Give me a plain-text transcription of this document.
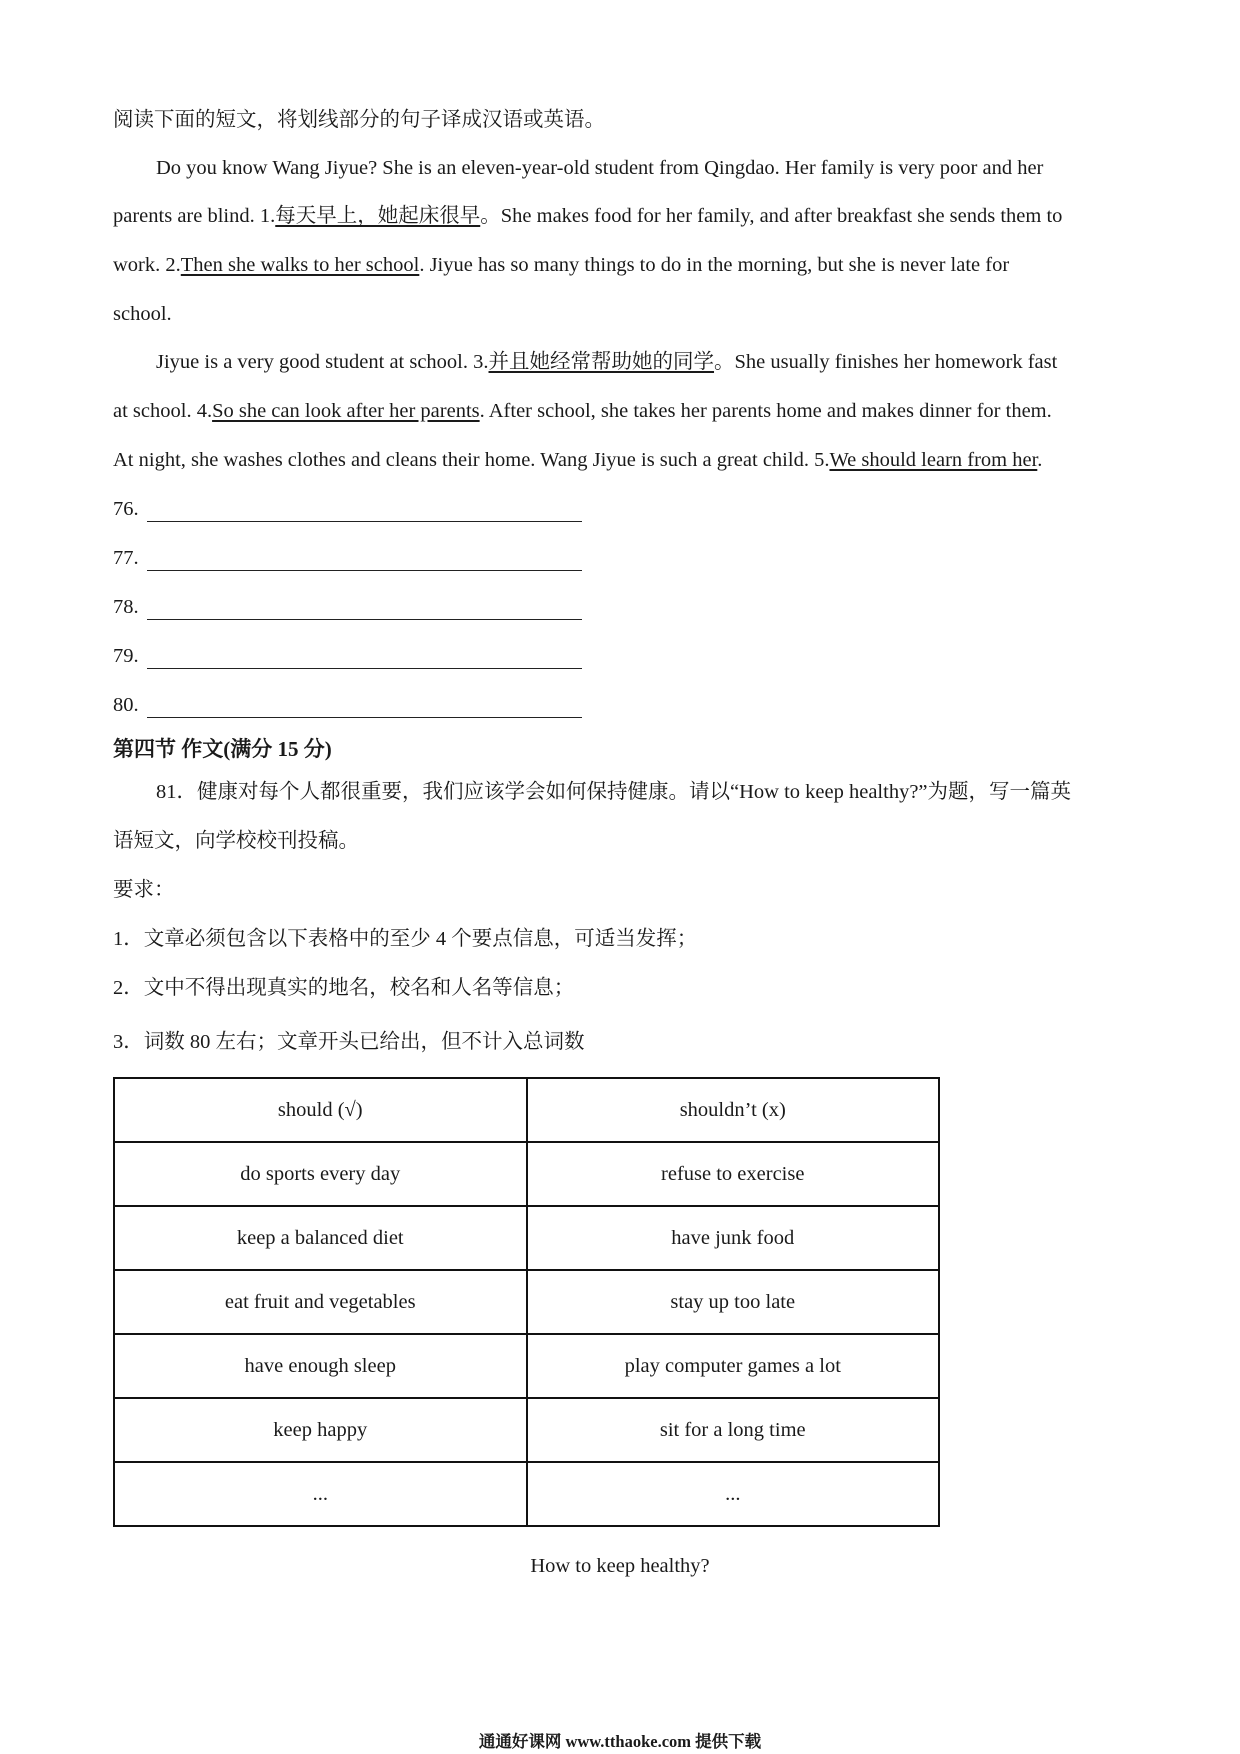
阅读下面的短文，将划线部分的句子译成汉语或英语。
Do you know Wang Jiyue? She is an eleven-year-old student from Qingdao. Her family is very poor and her
parents are blind. 1.每天早上，她起床很早。She makes food for her family, and after breakfast she sends them to
work. 2.Then she walks to her school. Jiyue has so many things to do in the morning, but she is never late for
school.
Jiyue is a very good student at school. 3.并且她经常帮助她的同学。She usually finishes her homework fast
at school. 4.So she can look after her parents. After school, she takes her parents home and makes dinner for them.
At night, she washes clothes and cleans their home. Wang Jiyue is such a great child. 5.We should learn from her.
76.
77.
78.
79.
80.
第四节 作文(满分 15 分)
81．健康对每个人都很重要，我们应该学会如何保持健康。请以“How to keep healthy?”为题，写一篇英
语短文，向学校校刊投稿。
要求：
1．文章必须包含以下表格中的至少 4 个要点信息，可适当发挥；
2．文中不得出现真实的地名，校名和人名等信息；
3．词数 80 左右；文章开头已给出，但不计入总词数
should (√)	shouldn’t (x)
do sports every day	refuse to exercise
keep a balanced diet	have junk food
eat fruit and vegetables	stay up too late
have enough sleep	play computer games a lot
keep happy	sit for a long time
...	...
How to keep healthy?
通通好课网 www.tthaoke.com 提供下载
